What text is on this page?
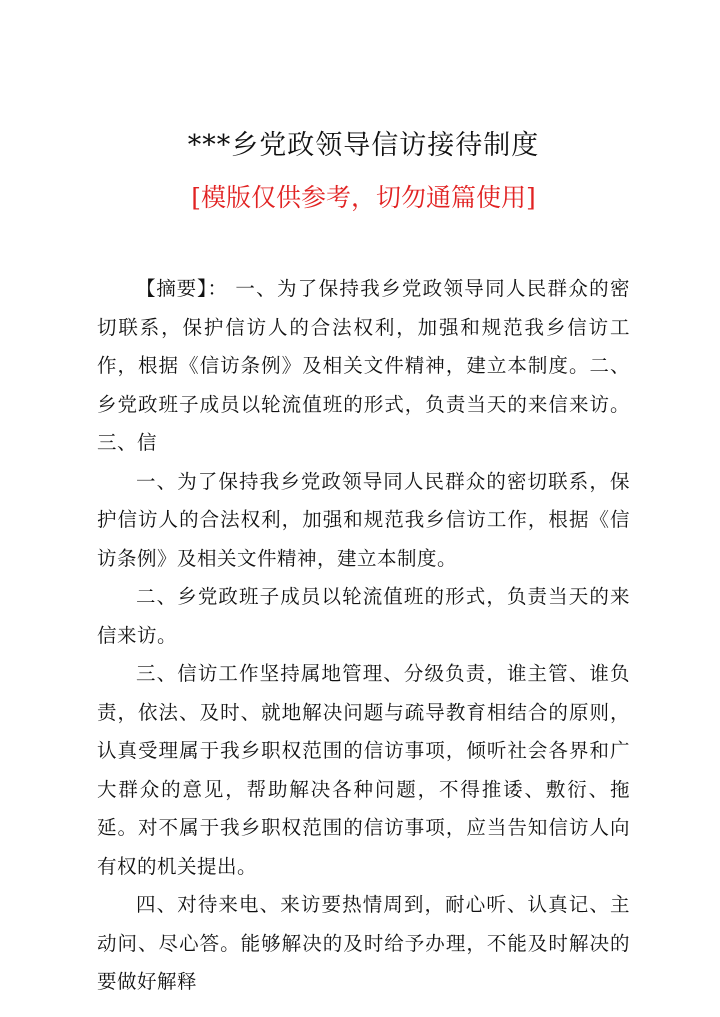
***乡党政领导信访接待制度
[模版仅供参考，切勿通篇使用]

【摘要】： 一、为了保持我乡党政领导同人民群众的密切联系，保护信访人的合法权利，加强和规范我乡信访工作，根据《信访条例》及相关文件精神，建立本制度。二、乡党政班子成员以轮流值班的形式，负责当天的来信来访。三、信

一、为了保持我乡党政领导同人民群众的密切联系，保护信访人的合法权利，加强和规范我乡信访工作，根据《信访条例》及相关文件精神，建立本制度。

二、乡党政班子成员以轮流值班的形式，负责当天的来信来访。

三、信访工作坚持属地管理、分级负责，谁主管、谁负责，依法、及时、就地解决问题与疏导教育相结合的原则，认真受理属于我乡职权范围的信访事项，倾听社会各界和广大群众的意见，帮助解决各种问题，不得推诿、敷衍、拖延。对不属于我乡职权范围的信访事项，应当告知信访人向有权的机关提出。

四、对待来电、来访要热情周到，耐心听、认真记、主动问、尽心答。能够解决的及时给予办理，不能及时解决的要做好解释
